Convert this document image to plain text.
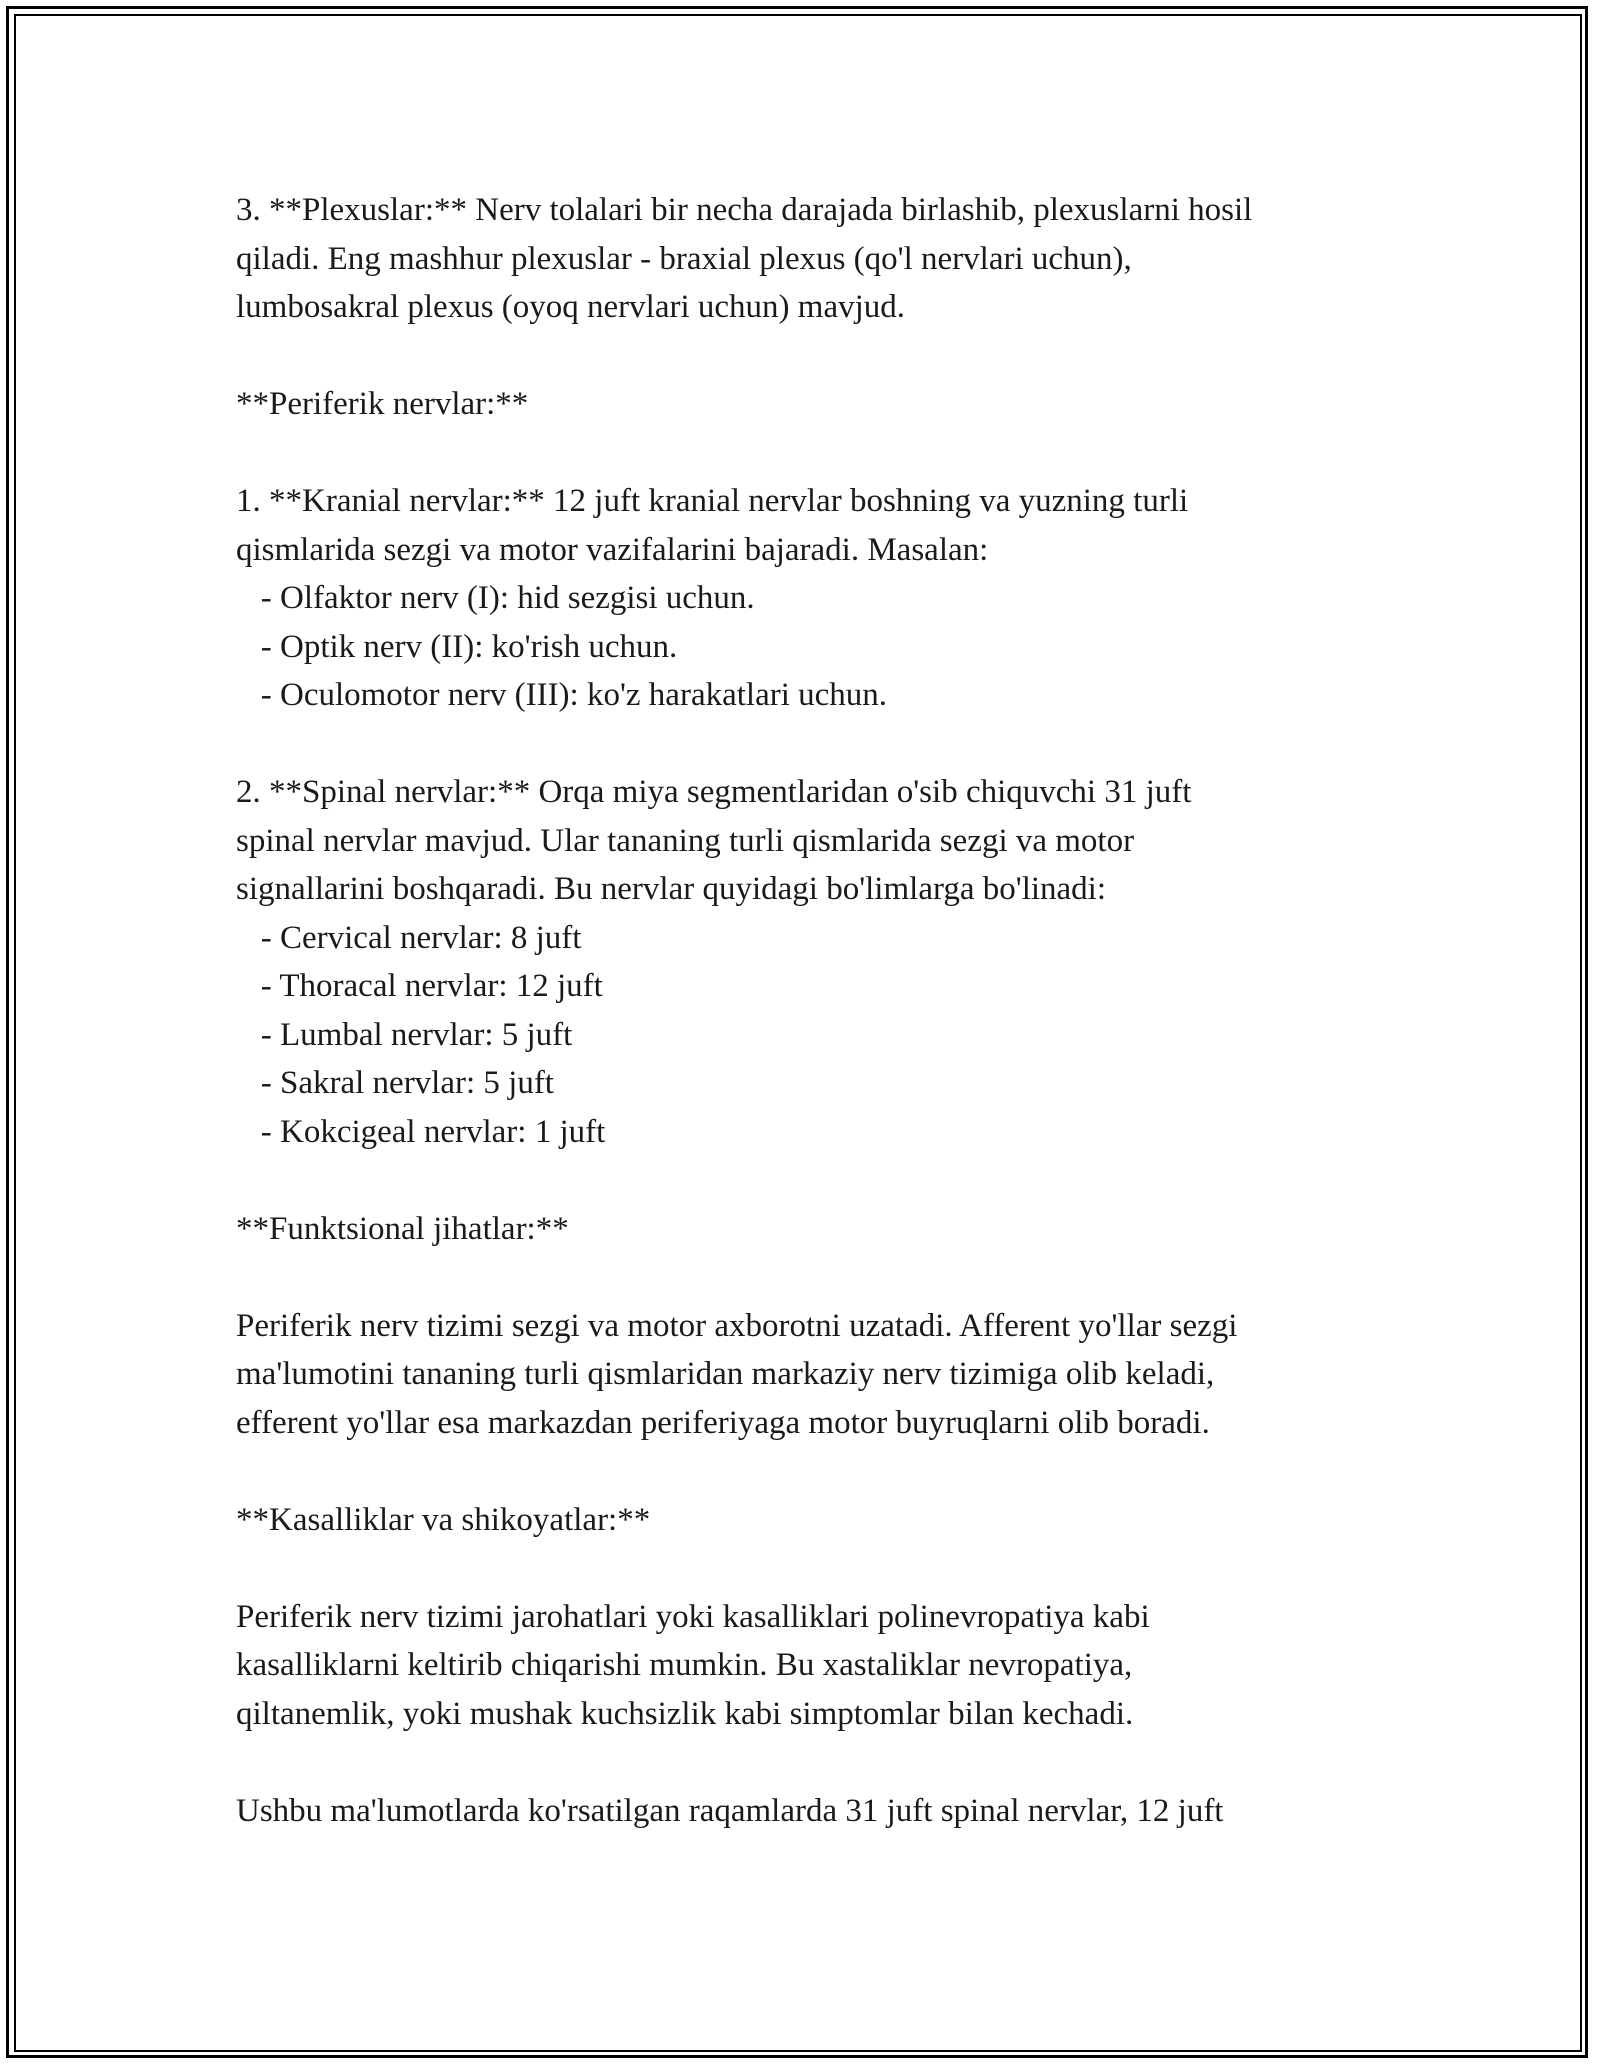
3. **Plexuslar:** Nerv tolalari bir necha darajada birlashib, plexuslarni hosil

qiladi. Eng mashhur plexuslar - braxial plexus (qo'l nervlari uchun),

lumbosakral plexus (oyoq nervlari uchun) mavjud.

**Periferik nervlar:**

1. **Kranial nervlar:** 12 juft kranial nervlar boshning va yuzning turli

qismlarida sezgi va motor vazifalarini bajaradi. Masalan:

- Olfaktor nerv (I): hid sezgisi uchun.

- Optik nerv (II): ko'rish uchun.

- Oculomotor nerv (III): ko'z harakatlari uchun.

2. **Spinal nervlar:** Orqa miya segmentlaridan o'sib chiquvchi 31 juft

spinal nervlar mavjud. Ular tananing turli qismlarida sezgi va motor

signallarini boshqaradi. Bu nervlar quyidagi bo'limlarga bo'linadi:

- Cervical nervlar: 8 juft

- Thoracal nervlar: 12 juft

- Lumbal nervlar: 5 juft

- Sakral nervlar: 5 juft

- Kokcigeal nervlar: 1 juft

**Funktsional jihatlar:**

Periferik nerv tizimi sezgi va motor axborotni uzatadi. Afferent yo'llar sezgi

ma'lumotini tananing turli qismlaridan markaziy nerv tizimiga olib keladi,

efferent yo'llar esa markazdan periferiyaga motor buyruqlarni olib boradi.

**Kasalliklar va shikoyatlar:**

Periferik nerv tizimi jarohatlari yoki kasalliklari polinevropatiya kabi

kasalliklarni keltirib chiqarishi mumkin. Bu xastaliklar nevropatiya,

qiltanemlik, yoki mushak kuchsizlik kabi simptomlar bilan kechadi.

Ushbu ma'lumotlarda ko'rsatilgan raqamlarda 31 juft spinal nervlar, 12 juft
